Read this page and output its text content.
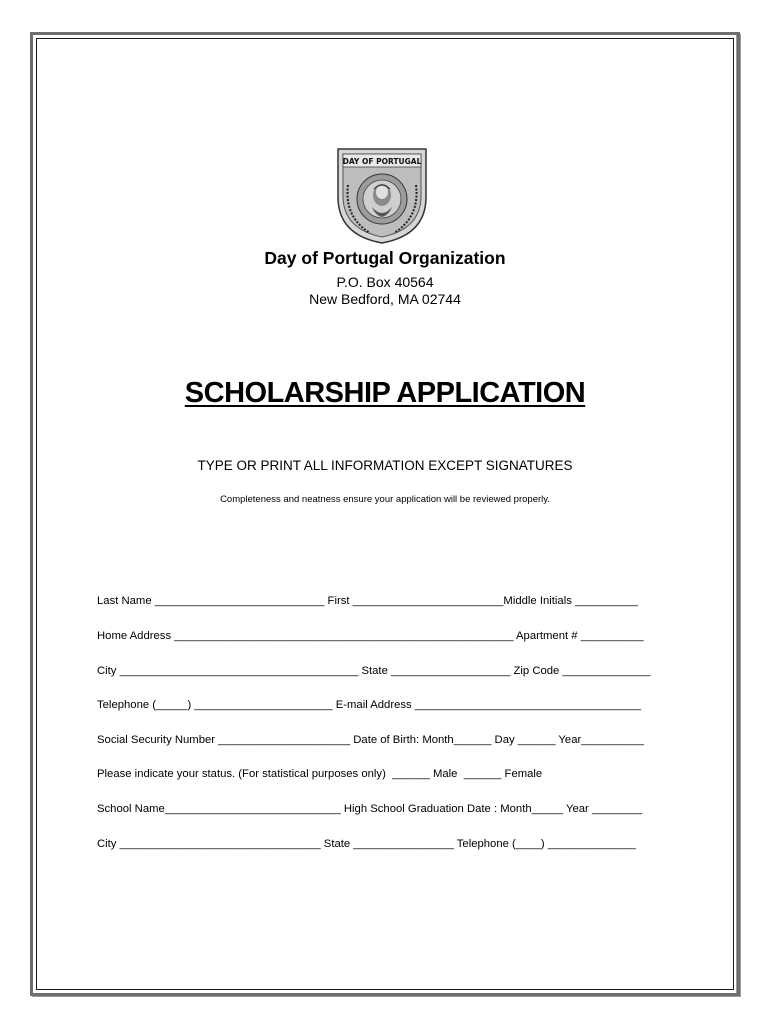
DAY OF PORTUGAL
Day of Portugal Organization
P.O. Box 40564
New Bedford, MA 02744
SCHOLARSHIP APPLICATION
TYPE OR PRINT ALL INFORMATION EXCEPT SIGNATURES
Completeness and neatness ensure your application will be reviewed properly.
Last Name ___________________________ First ________________________Middle Initials __________
Home Address ______________________________________________________ Apartment # __________
City ______________________________________ State ___________________ Zip Code ______________
Telephone (_____) ______________________ E-mail Address ____________________________________
Social Security Number _____________________ Date of Birth: Month______ Day ______ Year__________
Please indicate your status. (For statistical purposes only)  ______ Male  ______ Female
School Name____________________________ High School Graduation Date : Month_____ Year ________
City ________________________________ State ________________ Telephone (____) ______________
